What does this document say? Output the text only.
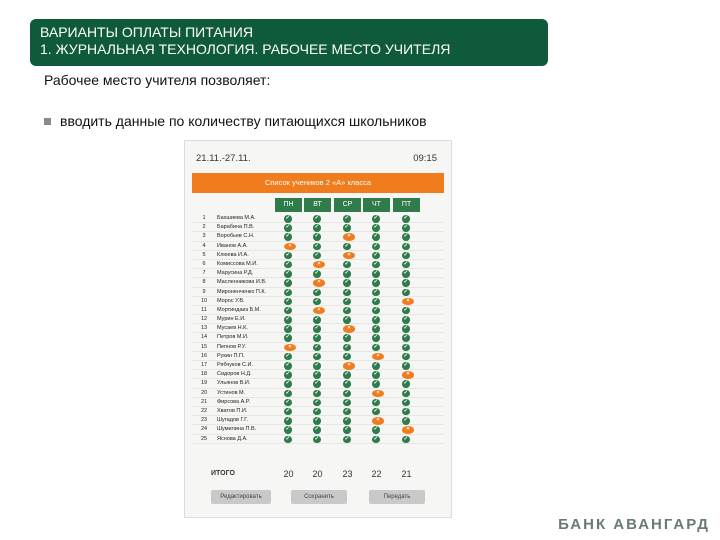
ВАРИАНТЫ ОПЛАТЫ ПИТАНИЯ
1. ЖУРНАЛЬНАЯ ТЕХНОЛОГИЯ. РАБОЧЕЕ МЕСТО УЧИТЕЛЯ
Рабочее место учителя позволяет:
вводить данные по количеству питающихся школьников
21.11.-27.11.	09:15
Список учеников 2 «А» класса
ПН	ВТ	СР	ЧТ	ПТ
1	Бахшиева М.А.	✓	✓	✓	✓	✓
2	Барабина П.В.	✓	✓	✓	✓	✓
3	Воробьев С.Н.	✓	✓	×	✓	✓
4	Иванов А.А.	×	✓	✓	✓	✓
5	Клюева И.А.	✓	✓	×	✓	✓
6	Комиссова М.И.	✓	×	✓	✓	✓
7	Марусина Р.Д.	✓	✓	✓	✓	✓
8	Масленникова И.В.	✓	×	✓	✓	✓
9	Мироненченко П.К.	✓	✓	✓	✓	✓
10	Морос У.В.	✓	✓	✓	✓	×
11	Мортиндаиз Б.М.	✓	×	✓	✓	✓
12	Мурин Е.И.	✓	✓	✓	✓	✓
13	Мусаев Н.К.	✓	✓	×	✓	✓
14	Петров М.И.	✓	✓	✓	✓	✓
15	Пепнов Р.У.	×	✓	✓	✓	✓
16	Рукин П.П.	✓	✓	✓	×	✓
17	Рябчуков С.И.	✓	✓	×	✓	✓
18	Сидоров Н.Д.	✓	✓	✓	✓	×
19	Ульянов В.И.	✓	✓	✓	✓	✓
20	Устинов М.	✓	✓	✓	×	✓
21	Фирсова А.Р.	✓	✓	✓	✓	✓
22	Хватов П.И.	✓	✓	✓	✓	✓
23	Шугадов Г.Г.	✓	✓	✓	×	✓
24	Шумилина П.В.	✓	✓	✓	✓	×
25	Яснова Д.А.	✓	✓	✓	✓	✓
ИТОГО	20	20	23	22	21
Редактировать	Сохранить	Передать
БАНК АВАНГАРД
